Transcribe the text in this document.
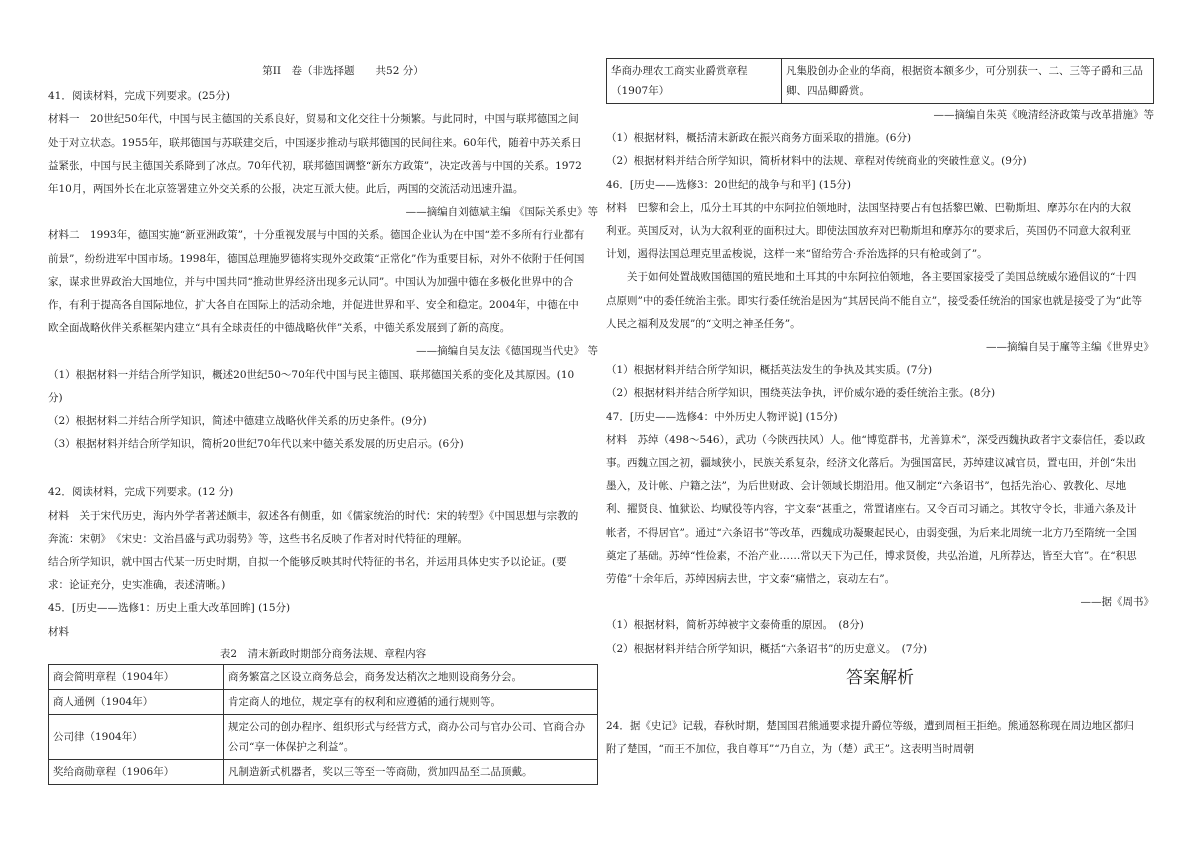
第II　卷（非选择题　　共52 分）

41．阅读材料，完成下列要求。(25分)

材料一　20世纪50年代，中国与民主德国的关系良好，贸易和文化交往十分频繁。与此同时，中国与联邦德国之间

处于对立状态。1955年，联邦德国与苏联建交后，中国逐步推动与联邦德国的民间往来。60年代，随着中苏关系日

益紧张，中国与民主德国关系降到了冰点。70年代初，联邦德国调整“新东方政策”，决定改善与中国的关系。1972

年10月，两国外长在北京签署建立外交关系的公报，决定互派大使。此后，两国的交流活动迅速升温。

——摘编自刘德斌主编 《国际关系史》等

材料二　1993年，德国实施“新亚洲政策”，十分重视发展与中国的关系。德国企业认为在中国“差不多所有行业都有

前景”，纷纷进军中国市场。1998年，德国总理施罗德将实现外交政策“正常化”作为重要目标，对外不依附于任何国

家，谋求世界政治大国地位，并与中国共同“推动世界经济出现多元认同”。中国认为加强中德在多极化世界中的合

作，有利于提高各自国际地位，扩大各自在国际上的活动余地，并促进世界和平、安全和稳定。2004年，中德在中

欧全面战略伙伴关系框架内建立“具有全球责任的中德战略伙伴”关系，中德关系发展到了新的高度。

——摘编自吴友法《德国现当代史》 等

（1）根据材料一并结合所学知识，概述20世纪50～70年代中国与民主德国、联邦德国关系的变化及其原因。(10

分)

（2）根据材料二并结合所学知识，简述中德建立战略伙伴关系的历史条件。(9分)

（3）根据材料并结合所学知识，简析20世纪70年代以来中德关系发展的历史启示。(6分)

42．阅读材料，完成下列要求。(12 分)

材料　关于宋代历史，海内外学者著述颇丰，叙述各有侧重，如《儒家统治的时代：宋的转型》《中国思想与宗教的

奔流：宋朝》　《宋史：文治昌盛与武功弱势》等，这些书名反映了作者对时代特征的理解。

结合所学知识，就中国古代某一历史时期，自拟一个能够反映其时代特征的书名，并运用具体史实予以论证。(要

求：论证充分，史实准确，表述清晰。)

45．[历史——选修1：历史上重大改革回眸] (15分)

材料

表2　清末新政时期部分商务法规、章程内容

商会简明章程（1904年）	商务繁富之区设立商务总会，商务发达稍次之地则设商务分会。
商人通例（1904年）	肯定商人的地位，规定享有的权利和应遵循的通行规则等。
公司律（1904年）	规定公司的创办程序、组织形式与经营方式，商办公司与官办公司、官商合办公司“享一体保护之利益”。
奖给商勋章程（1906年）	凡制造新式机器者，奖以三等至一等商勋，赏加四品至二品顶戴。
华商办理农工商实业爵赏章程（1907年）	凡集股创办企业的华商，根据资本额多少，可分别获一、二、三等子爵和三品卿、四品卿爵赏。

——摘编自朱英《晚清经济政策与改革措施》等

（1）根据材料，概括清末新政在振兴商务方面采取的措施。(6分)

（2）根据材料并结合所学知识，简析材料中的法规、章程对传统商业的突破性意义。(9分)

46．[历史——选修3：20世纪的战争与和平] (15分)

材料　巴黎和会上，瓜分土耳其的中东阿拉伯领地时，法国坚持要占有包括黎巴嫩、巴勒斯坦、摩苏尔在内的大叙

利亚。英国反对，认为大叙利亚的面积过大。即使法国放弃对巴勒斯坦和摩苏尔的要求后，英国仍不同意大叙利亚

计划，遏得法国总理克里孟梭说，这样一来“留给劳合·乔治选择的只有枪或剑了”。

关于如何处置战败国德国的殖民地和土耳其的中东阿拉伯领地，各主要国家接受了美国总统威尔逊倡议的“十四

点原则”中的委任统治主张。即实行委任统治是因为“其居民尚不能自立”，接受委任统治的国家也就是接受了为“此等

人民之福利及发展”的“文明之神圣任务”。

——摘编自吴于廑等主编《世界史》

（1）根据材料并结合所学知识，概括英法发生的争执及其实质。(7分)

（2）根据材料并结合所学知识，围绕英法争执，评价威尔逊的委任统治主张。(8分)

47．[历史——选修4：中外历史人物评说] (15分)

材料　苏绰（498～546），武功（今陕西扶风）人。他“博览群书，尤善算术”，深受西魏执政者宇文泰信任，委以政

事。西魏立国之初，疆域狭小，民族关系复杂，经济文化落后。为强国富民，苏绰建议减官员，置屯田，并创“朱出

墨入，及计帐、户籍之法”，为后世财政、会计领域长期沿用。他又制定“六条诏书”，包括先治心、敦教化、尽地

利、擢贤良、恤狱讼、均赋役等内容，宇文泰“甚重之，常置诸座右。又令百司习诵之。其牧守令长，非通六条及计

帐者，不得居官”。通过“六条诏书”等改革，西魏成功凝聚起民心，由弱变强，为后来北周统一北方乃至隋统一全国

奠定了基础。苏绰“性俭素，不治产业……常以天下为己任，博求贤俊，共弘治道，凡所荐达，皆至大官”。在“积思

劳倦”十余年后，苏绰因病去世，宇文泰“痛惜之，哀动左右”。

——据《周书》

（1）根据材料，简析苏绰被宇文泰倚重的原因。　(8分)

（2）根据材料并结合所学知识，概括“六条诏书”的历史意义。　(7分)

答案解析

24．据《史记》记载，春秋时期，楚国国君熊通要求提升爵位等级，遭到周桓王拒绝。熊通怒称现在周边地区都归

附了楚国，“而王不加位，我自尊耳”“乃自立，为（楚）武王”。这表明当时周朝
